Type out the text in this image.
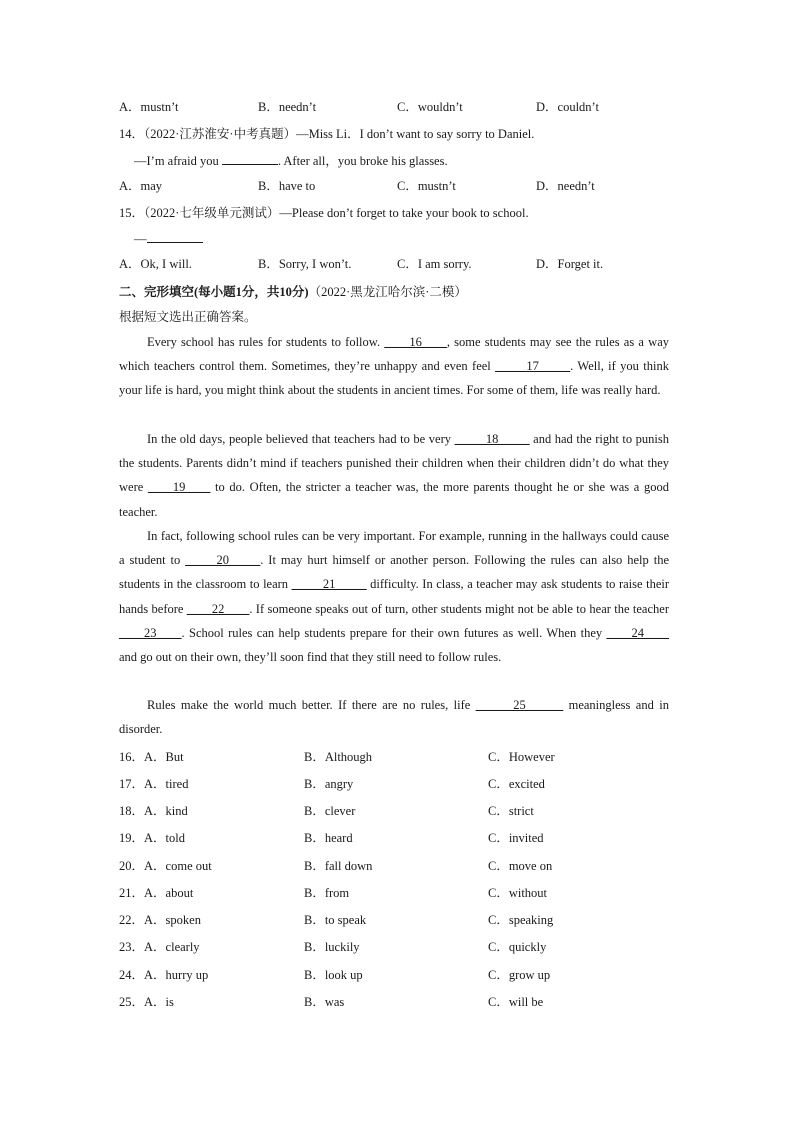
A．mustn’t	B．needn’t	C．wouldn’t	D．couldn’t
14．（2022·江苏淮安·中考真题）—Miss Li．I don’t want to say sorry to Daniel.
—I’m afraid you	. After all，you broke his glasses.
A．may	B．have to	C．mustn’t	D．needn’t
15．（2022·七年级单元测试）—Please don’t forget to take your book to school.
—
A．Ok, I will.	B．Sorry, I won’t.	C．I am sorry.	D．Forget it.
二、完形填空(每小题1分，共10分)（2022·黑龙江哈尔滨·二模）
根据短文选出正确答案。

Every school has rules for students to follow. ____16____, some students may see the rules as a way which teachers control them. Sometimes, they’re unhappy and even feel _____17_____. Well, if you think your life is hard, you might think about the students in ancient times. For some of them, life was really hard.

In the old days, people believed that teachers had to be very _____18_____ and had the right to punish the students. Parents didn’t mind if teachers punished their children when their children didn’t do what they were ____19____ to do. Often, the stricter a teacher was, the more parents thought he or she was a good teacher.

In fact, following school rules can be very important. For example, running in the hallways could cause a student to _____20_____. It may hurt himself or another person. Following the rules can also help the students in the classroom to learn _____21_____ difficulty. In class, a teacher may ask students to raise their hands before ____22____. If someone speaks out of turn, other students might not be able to hear the teacher ____23____. School rules can help students prepare for their own futures as well. When they ____24____ and go out on their own, they’ll soon find that they still need to follow rules.

Rules make the world much better. If there are no rules, life ______25______ meaningless and in disorder.

16．A．But	B．Although	C．However
17．A．tired	B．angry	C．excited
18．A．kind	B．clever	C．strict
19．A．told	B．heard	C．invited
20．A．come out	B．fall down	C．move on
21．A．about	B．from	C．without
22．A．spoken	B．to speak	C．speaking
23．A．clearly	B．luckily	C．quickly
24．A．hurry up	B．look up	C．grow up
25．A．is	B．was	C．will be
